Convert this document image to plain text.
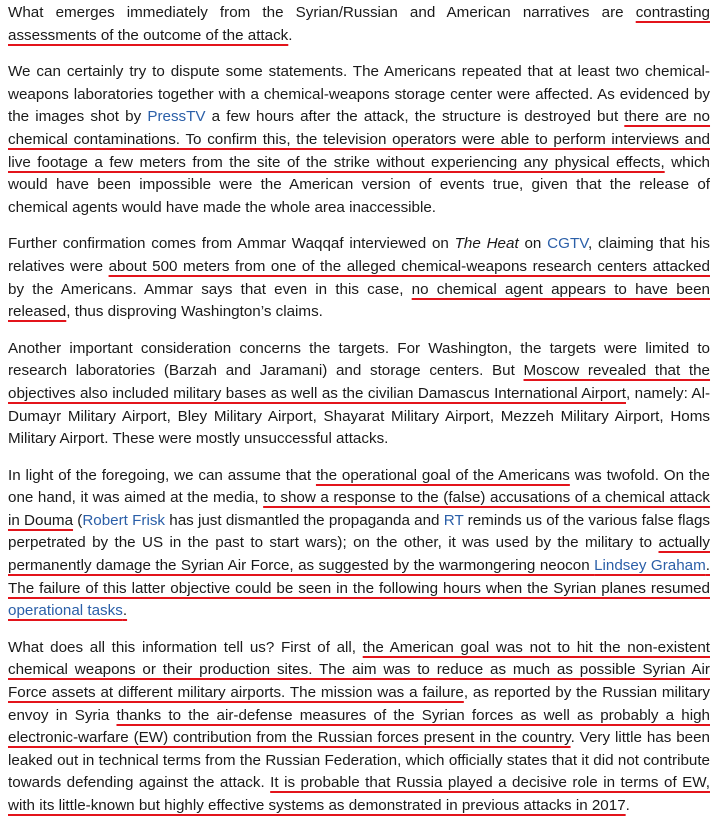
What emerges immediately from the Syrian/Russian and American narratives are contrasting assessments of the outcome of the attack.

We can certainly try to dispute some statements. The Americans repeated that at least two chemical-weapons laboratories together with a chemical-weapons storage center were affected. As evidenced by the images shot by PressTV a few hours after the attack, the structure is destroyed but there are no chemical contaminations. To confirm this, the television operators were able to perform interviews and live footage a few meters from the site of the strike without experiencing any physical effects, which would have been impossible were the American version of events true, given that the release of chemical agents would have made the whole area inaccessible.

Further confirmation comes from Ammar Waqqaf interviewed on The Heat on CGTV, claiming that his relatives were about 500 meters from one of the alleged chemical-weapons research centers attacked by the Americans. Ammar says that even in this case, no chemical agent appears to have been released, thus disproving Washington’s claims.

Another important consideration concerns the targets. For Washington, the targets were limited to research laboratories (Barzah and Jaramani) and storage centers. But Moscow revealed that the objectives also included military bases as well as the civilian Damascus International Airport, namely: Al-Dumayr Military Airport, Bley Military Airport, Shayarat Military Airport, Mezzeh Military Airport, Homs Military Airport. These were mostly unsuccessful attacks.

In light of the foregoing, we can assume that the operational goal of the Americans was twofold. On the one hand, it was aimed at the media, to show a response to the (false) accusations of a chemical attack in Douma (Robert Frisk has just dismantled the propaganda and RT reminds us of the various false flags perpetrated by the US in the past to start wars); on the other, it was used by the military to actually permanently damage the Syrian Air Force, as suggested by the warmongering neocon Lindsey Graham. The failure of this latter objective could be seen in the following hours when the Syrian planes resumed operational tasks.

What does all this information tell us? First of all, the American goal was not to hit the non-existent chemical weapons or their production sites. The aim was to reduce as much as possible Syrian Air Force assets at different military airports. The mission was a failure, as reported by the Russian military envoy in Syria thanks to the air-defense measures of the Syrian forces as well as probably a high electronic-warfare (EW) contribution from the Russian forces present in the country. Very little has been leaked out in technical terms from the Russian Federation, which officially states that it did not contribute towards defending against the attack. It is probable that Russia played a decisive role in terms of EW, with its little-known but highly effective systems as demonstrated in previous attacks in 2017.
